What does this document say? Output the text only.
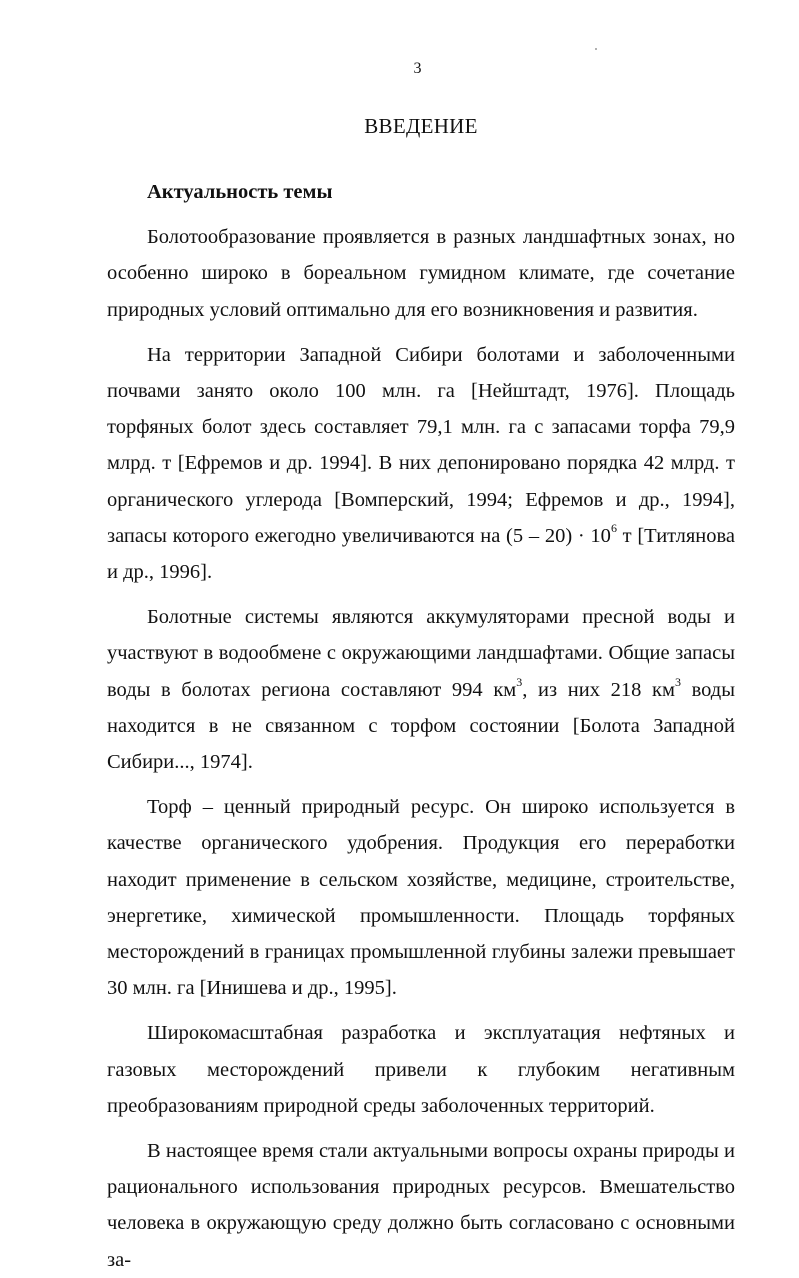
3
ВВЕДЕНИЕ

Актуальность темы

Болотообразование проявляется в разных ландшафтных зонах, но особенно широко в бореальном гумидном климате, где сочетание природных условий оптимально для его возникновения и развития.

На территории Западной Сибири болотами и заболоченными почвами занято около 100 млн. га [Нейштадт, 1976]. Площадь торфяных болот здесь составляет 79,1 млн. га с запасами торфа 79,9 млрд. т [Ефремов и др. 1994]. В них депонировано порядка 42 млрд. т органического углерода [Вомперский, 1994; Ефремов и др., 1994], запасы которого ежегодно увеличиваются на $(5 - 20) \cdot 10^6$ т [Титлянова и др., 1996].

Болотные системы являются аккумуляторами пресной воды и участвуют в водообмене с окружающими ландшафтами. Общие запасы воды в болотах региона составляют 994 $км^3$, из них 218 $км^3$ воды находится в не связанном с торфом состоянии [Болота Западной Сибири..., 1974].

Торф – ценный природный ресурс. Он широко используется в качестве органического удобрения. Продукция его переработки находит применение в сельском хозяйстве, медицине, строительстве, энергетике, химической промышленности. Площадь торфяных месторождений в границах промышленной глубины залежи превышает 30 млн. га [Инишева и др., 1995].

Широкомасштабная разработка и эксплуатация нефтяных и газовых месторождений привели к глубоким негативным преобразованиям природной среды заболоченных территорий.

В настоящее время стали актуальными вопросы охраны природы и рационального использования природных ресурсов. Вмешательство человека в окружающую среду должно быть согласовано с основными за-
